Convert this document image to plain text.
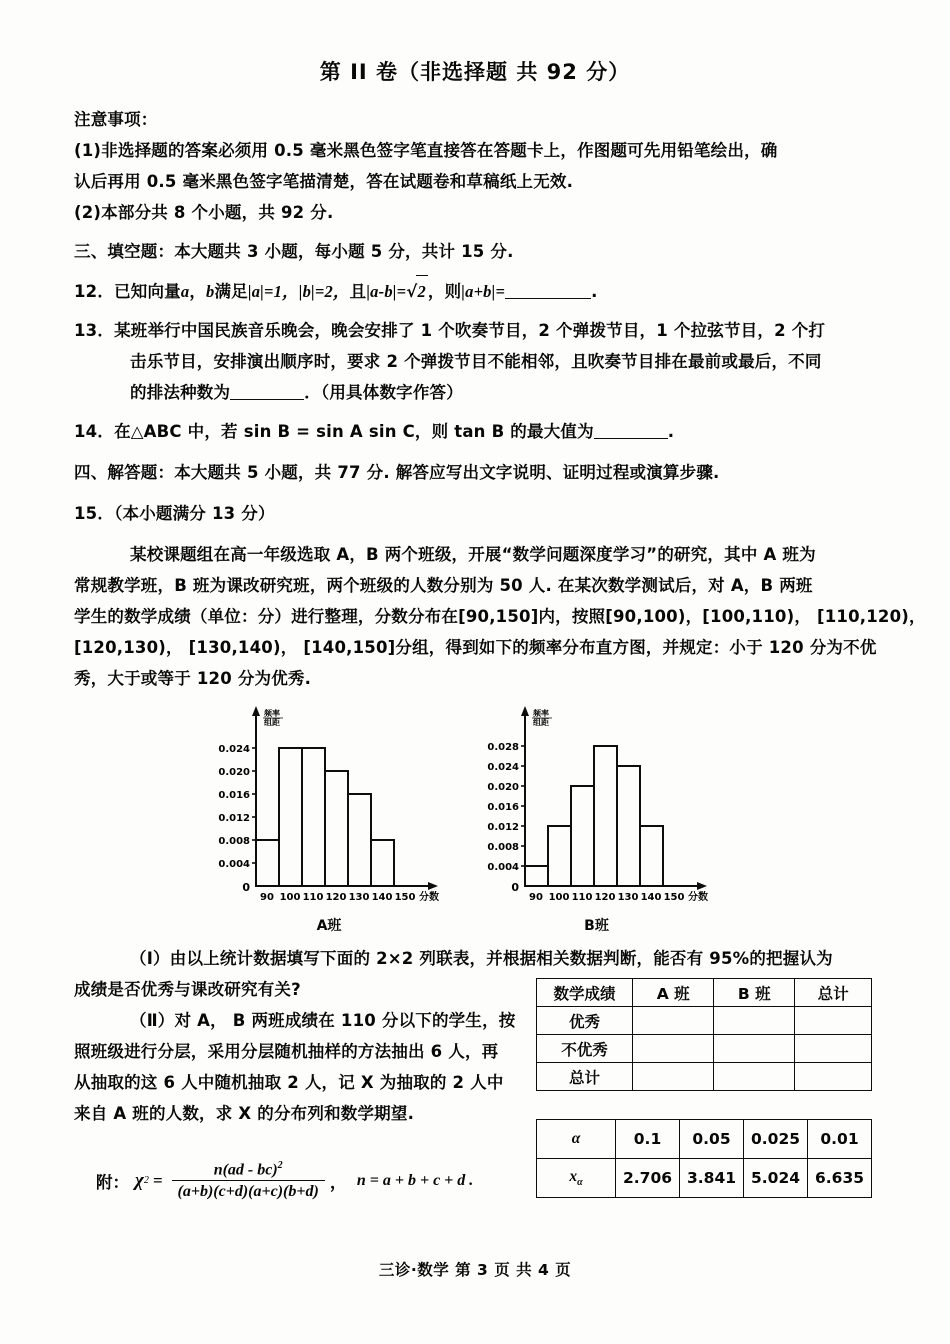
第 II 卷（非选择题 共 92 分）

注意事项：

(1)非选择题的答案必须用 0.5 毫米黑色签字笔直接答在答题卡上，作图题可先用铅笔绘出，确

认后再用 0.5 毫米黑色签字笔描清楚，答在试题卷和草稿纸上无效.

(2)本部分共 8 个小题，共 92 分.

三、填空题：本大题共 3 小题，每小题 5 分，共计 15 分.

12．已知向量a，b满足|a|=1，|b|=2，且|a-b|= √ 2 ，则|a+b|=	.

13．某班举行中国民族音乐晚会，晚会安排了 1 个吹奏节目，2 个弹拨节目，1 个拉弦节目，2 个打

击乐节目，安排演出顺序时，要求 2 个弹拨节目不能相邻，且吹奏节目排在最前或最后，不同

的排法种数为	．（用具体数字作答）

14．在△ABC 中，若 sin B = sin A sin C，则 tan B 的最大值为	.

四、解答题：本大题共 5 小题，共 77 分. 解答应写出文字说明、证明过程或演算步骤.

15．（本小题满分 13 分）

某校课题组在高一年级选取 A，B 两个班级，开展“数学问题深度学习”的研究，其中 A 班为

常规教学班，B 班为课改研究班，两个班级的人数分别为 50 人. 在某次数学测试后，对 A，B 两班

学生的数学成绩（单位：分）进行整理，分数分布在[90,150]内，按照[90,100)，[100,110)， [110,120)，

[120,130)， [130,140)， [140,150]分组，得到如下的频率分布直方图，并规定：小于 120 分为不优

秀，大于或等于 120 分为优秀.

0
0.004
0.008
0.012
0.016
0.020
0.024
频率
组距
90 100 110 120 130 140 150 分数
A班
0
0.004
0.008
0.012
0.016
0.020
0.024
0.028
频率
组距
90 100 110 120 130 140 150 分数
B班

（I）由以上统计数据填写下面的 2×2 列联表，并根据相关数据判断，能否有 95%的把握认为

成绩是否优秀与课改研究有关?

（Ⅱ）对 A， B 两班成绩在 110 分以下的学生，按

照班级进行分层，采用分层随机抽样的方法抽出 6 人，再

从抽取的这 6 人中随机抽取 2 人，记 X 为抽取的 2 人中

来自 A 班的人数，求 X 的分布列和数学期望.

数学成绩	A 班	B 班	总计
优秀			
不优秀			
总计			
α	0.1	0.05	0.025	0.01
$x_\alpha$	2.706	3.841	5.024	6.635
附： χ $2 = \frac{n(ad - bc)^2}{(a+b)(c+d)(a+c)(b+d)}$ ， n = a + b + c + d .
三诊·数学 第 3 页 共 4 页
